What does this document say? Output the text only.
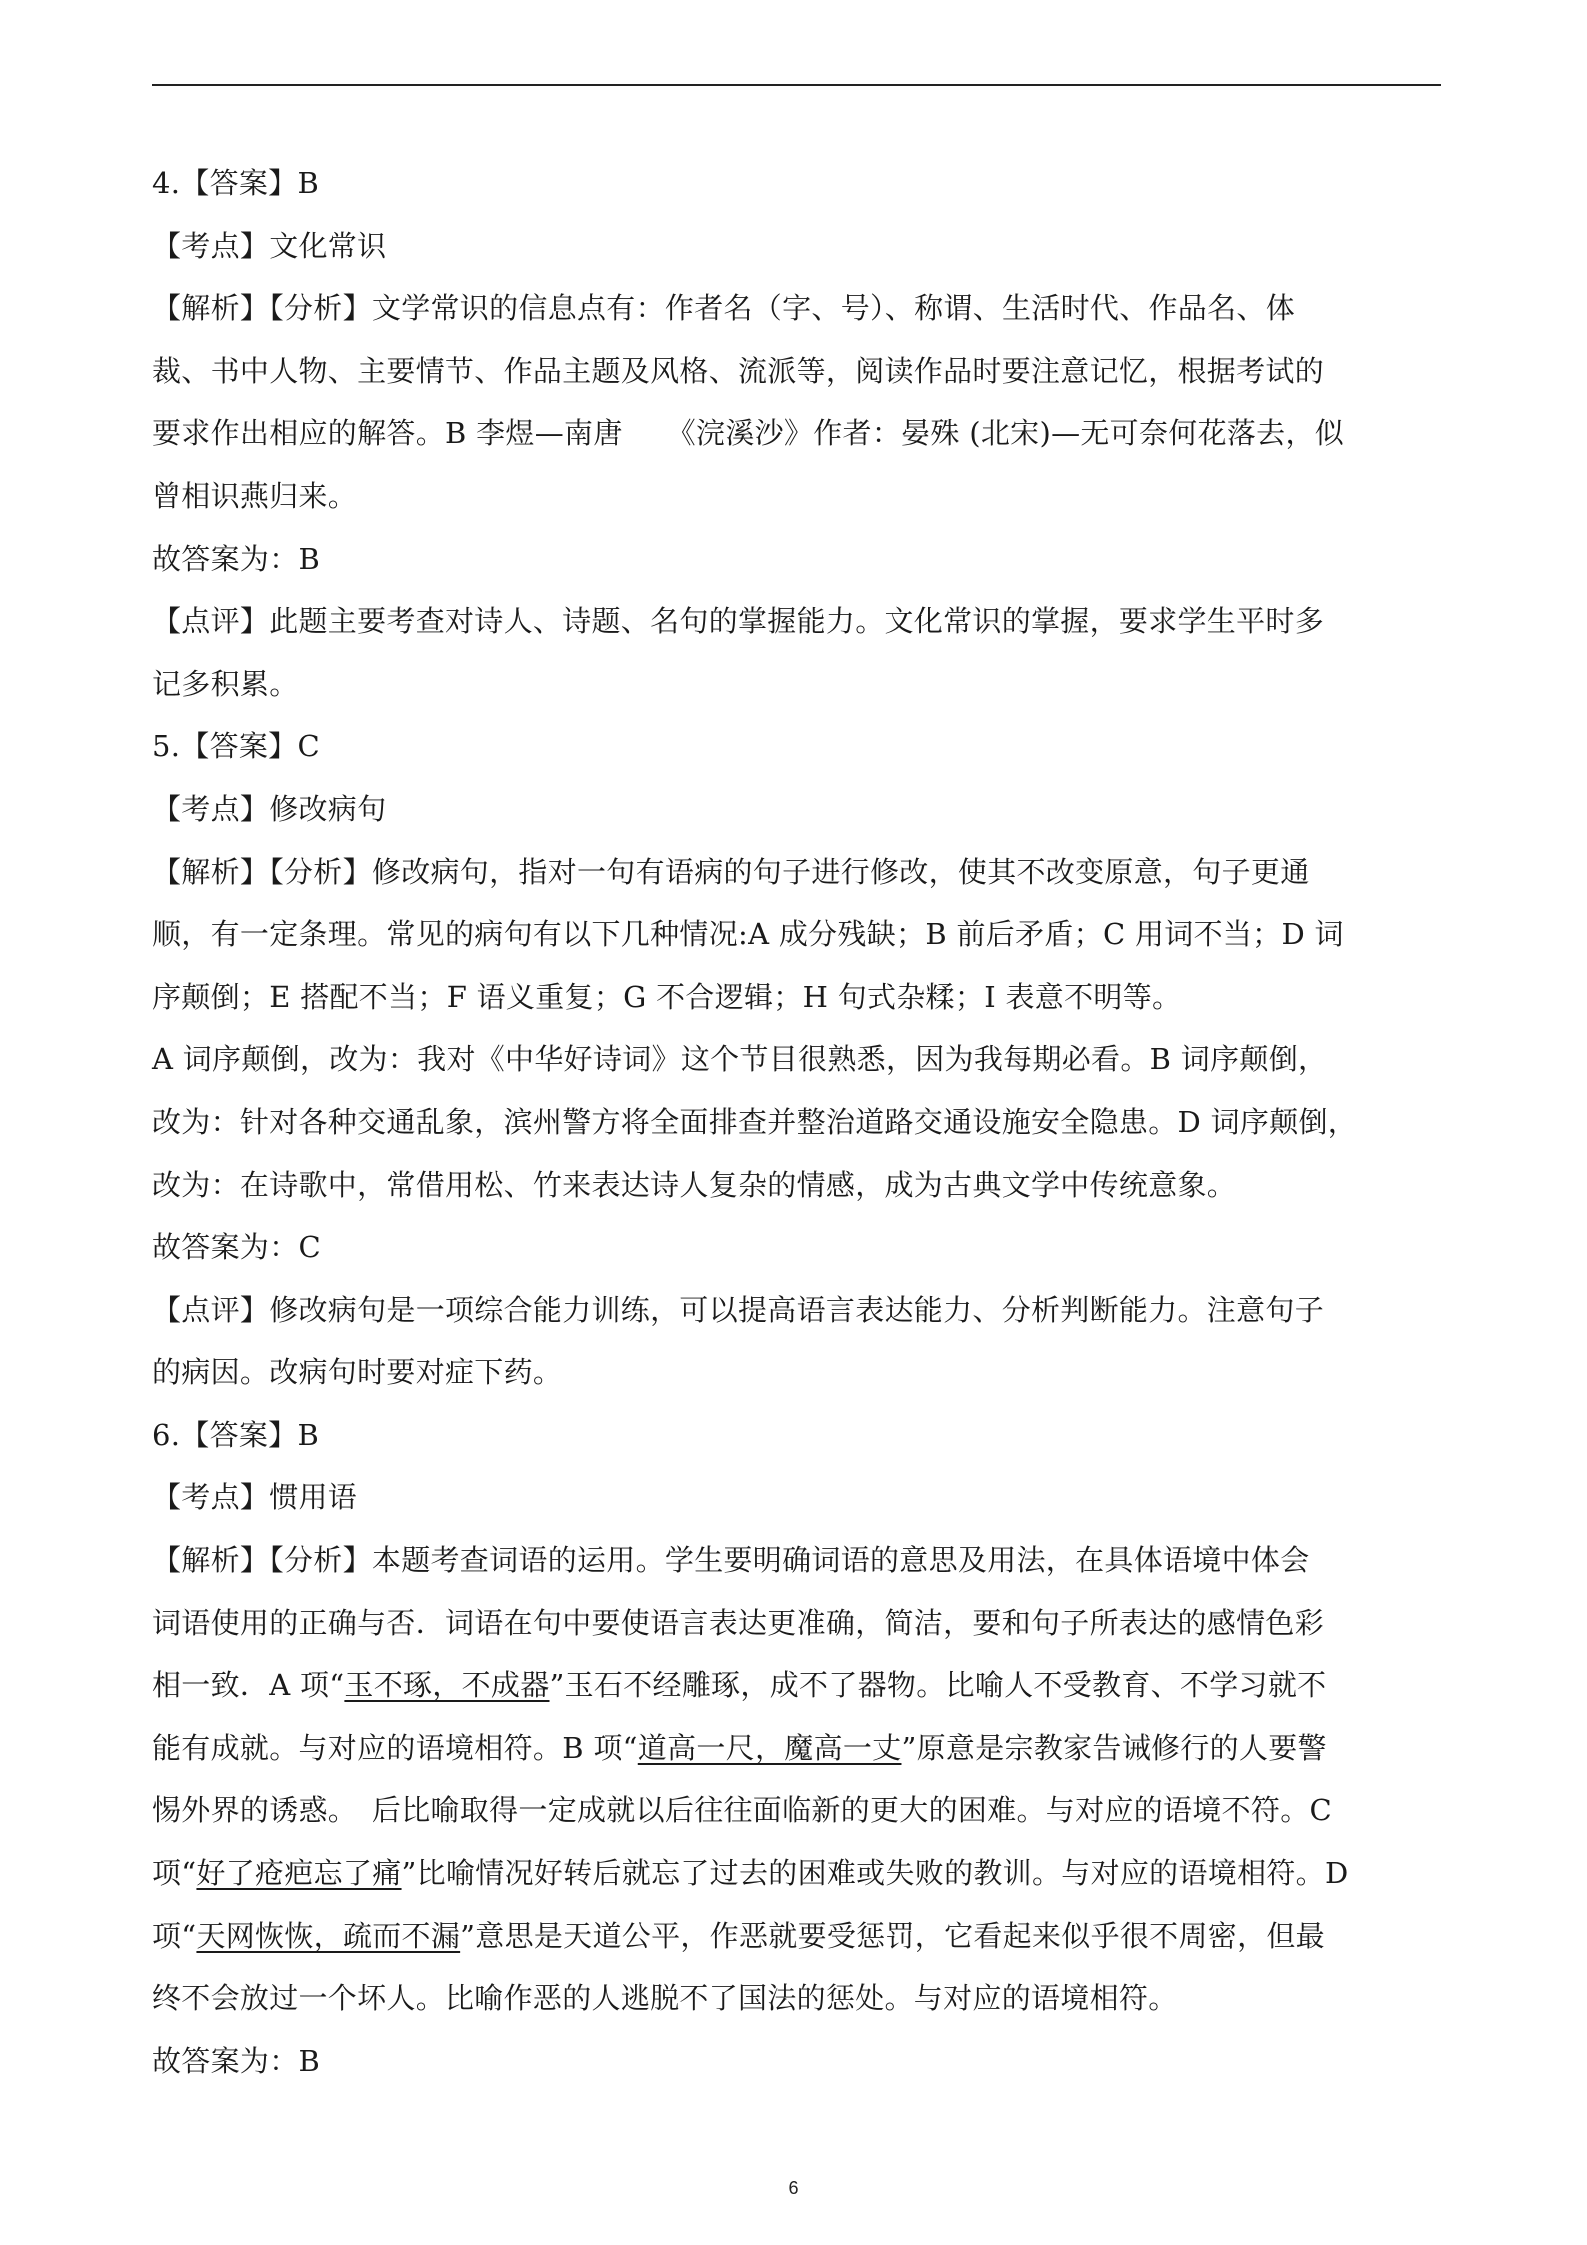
4.【答案】B
【考点】文化常识
【解析】【分析】文学常识的信息点有：作者名（字、号）、称谓、生活时代、作品名、体
裁、书中人物、主要情节、作品主题及风格、流派等，阅读作品时要注意记忆，根据考试的
要求作出相应的解答。B 李煜—南唐　　《浣溪沙》作者：晏殊 (北宋)—无可奈何花落去，似
曾相识燕归来。
故答案为：B
【点评】此题主要考查对诗人、诗题、名句的掌握能力。文化常识的掌握，要求学生平时多
记多积累。
5.【答案】C
【考点】修改病句
【解析】【分析】修改病句，指对一句有语病的句子进行修改，使其不改变原意，句子更通
顺，有一定条理。常见的病句有以下几种情况:A 成分残缺；B 前后矛盾；C 用词不当；D 词
序颠倒；E 搭配不当；F 语义重复；G 不合逻辑；H 句式杂糅；I 表意不明等。
A 词序颠倒，改为：我对《中华好诗词》这个节目很熟悉，因为我每期必看。B 词序颠倒，
改为：针对各种交通乱象，滨州警方将全面排查并整治道路交通设施安全隐患。D 词序颠倒，
改为：在诗歌中，常借用松、竹来表达诗人复杂的情感，成为古典文学中传统意象。
故答案为：C
【点评】修改病句是一项综合能力训练，可以提高语言表达能力、分析判断能力。注意句子
的病因。改病句时要对症下药。
6.【答案】B
【考点】惯用语
【解析】【分析】本题考查词语的运用。学生要明确词语的意思及用法，在具体语境中体会
词语使用的正确与否．词语在句中要使语言表达更准确，简洁，要和句子所表达的感情色彩
相一致．A 项“玉不琢，不成器”玉石不经雕琢，成不了器物。比喻人不受教育、不学习就不
能有成就。与对应的语境相符。B 项“道高一尺，魔高一丈”原意是宗教家告诫修行的人要警
惕外界的诱惑。　后比喻取得一定成就以后往往面临新的更大的困难。与对应的语境不符。C
项“好了疮疤忘了痛”比喻情况好转后就忘了过去的困难或失败的教训。与对应的语境相符。D
项“天网恢恢，疏而不漏”意思是天道公平，作恶就要受惩罚，它看起来似乎很不周密，但最
终不会放过一个坏人。比喻作恶的人逃脱不了国法的惩处。与对应的语境相符。
故答案为：B
6
